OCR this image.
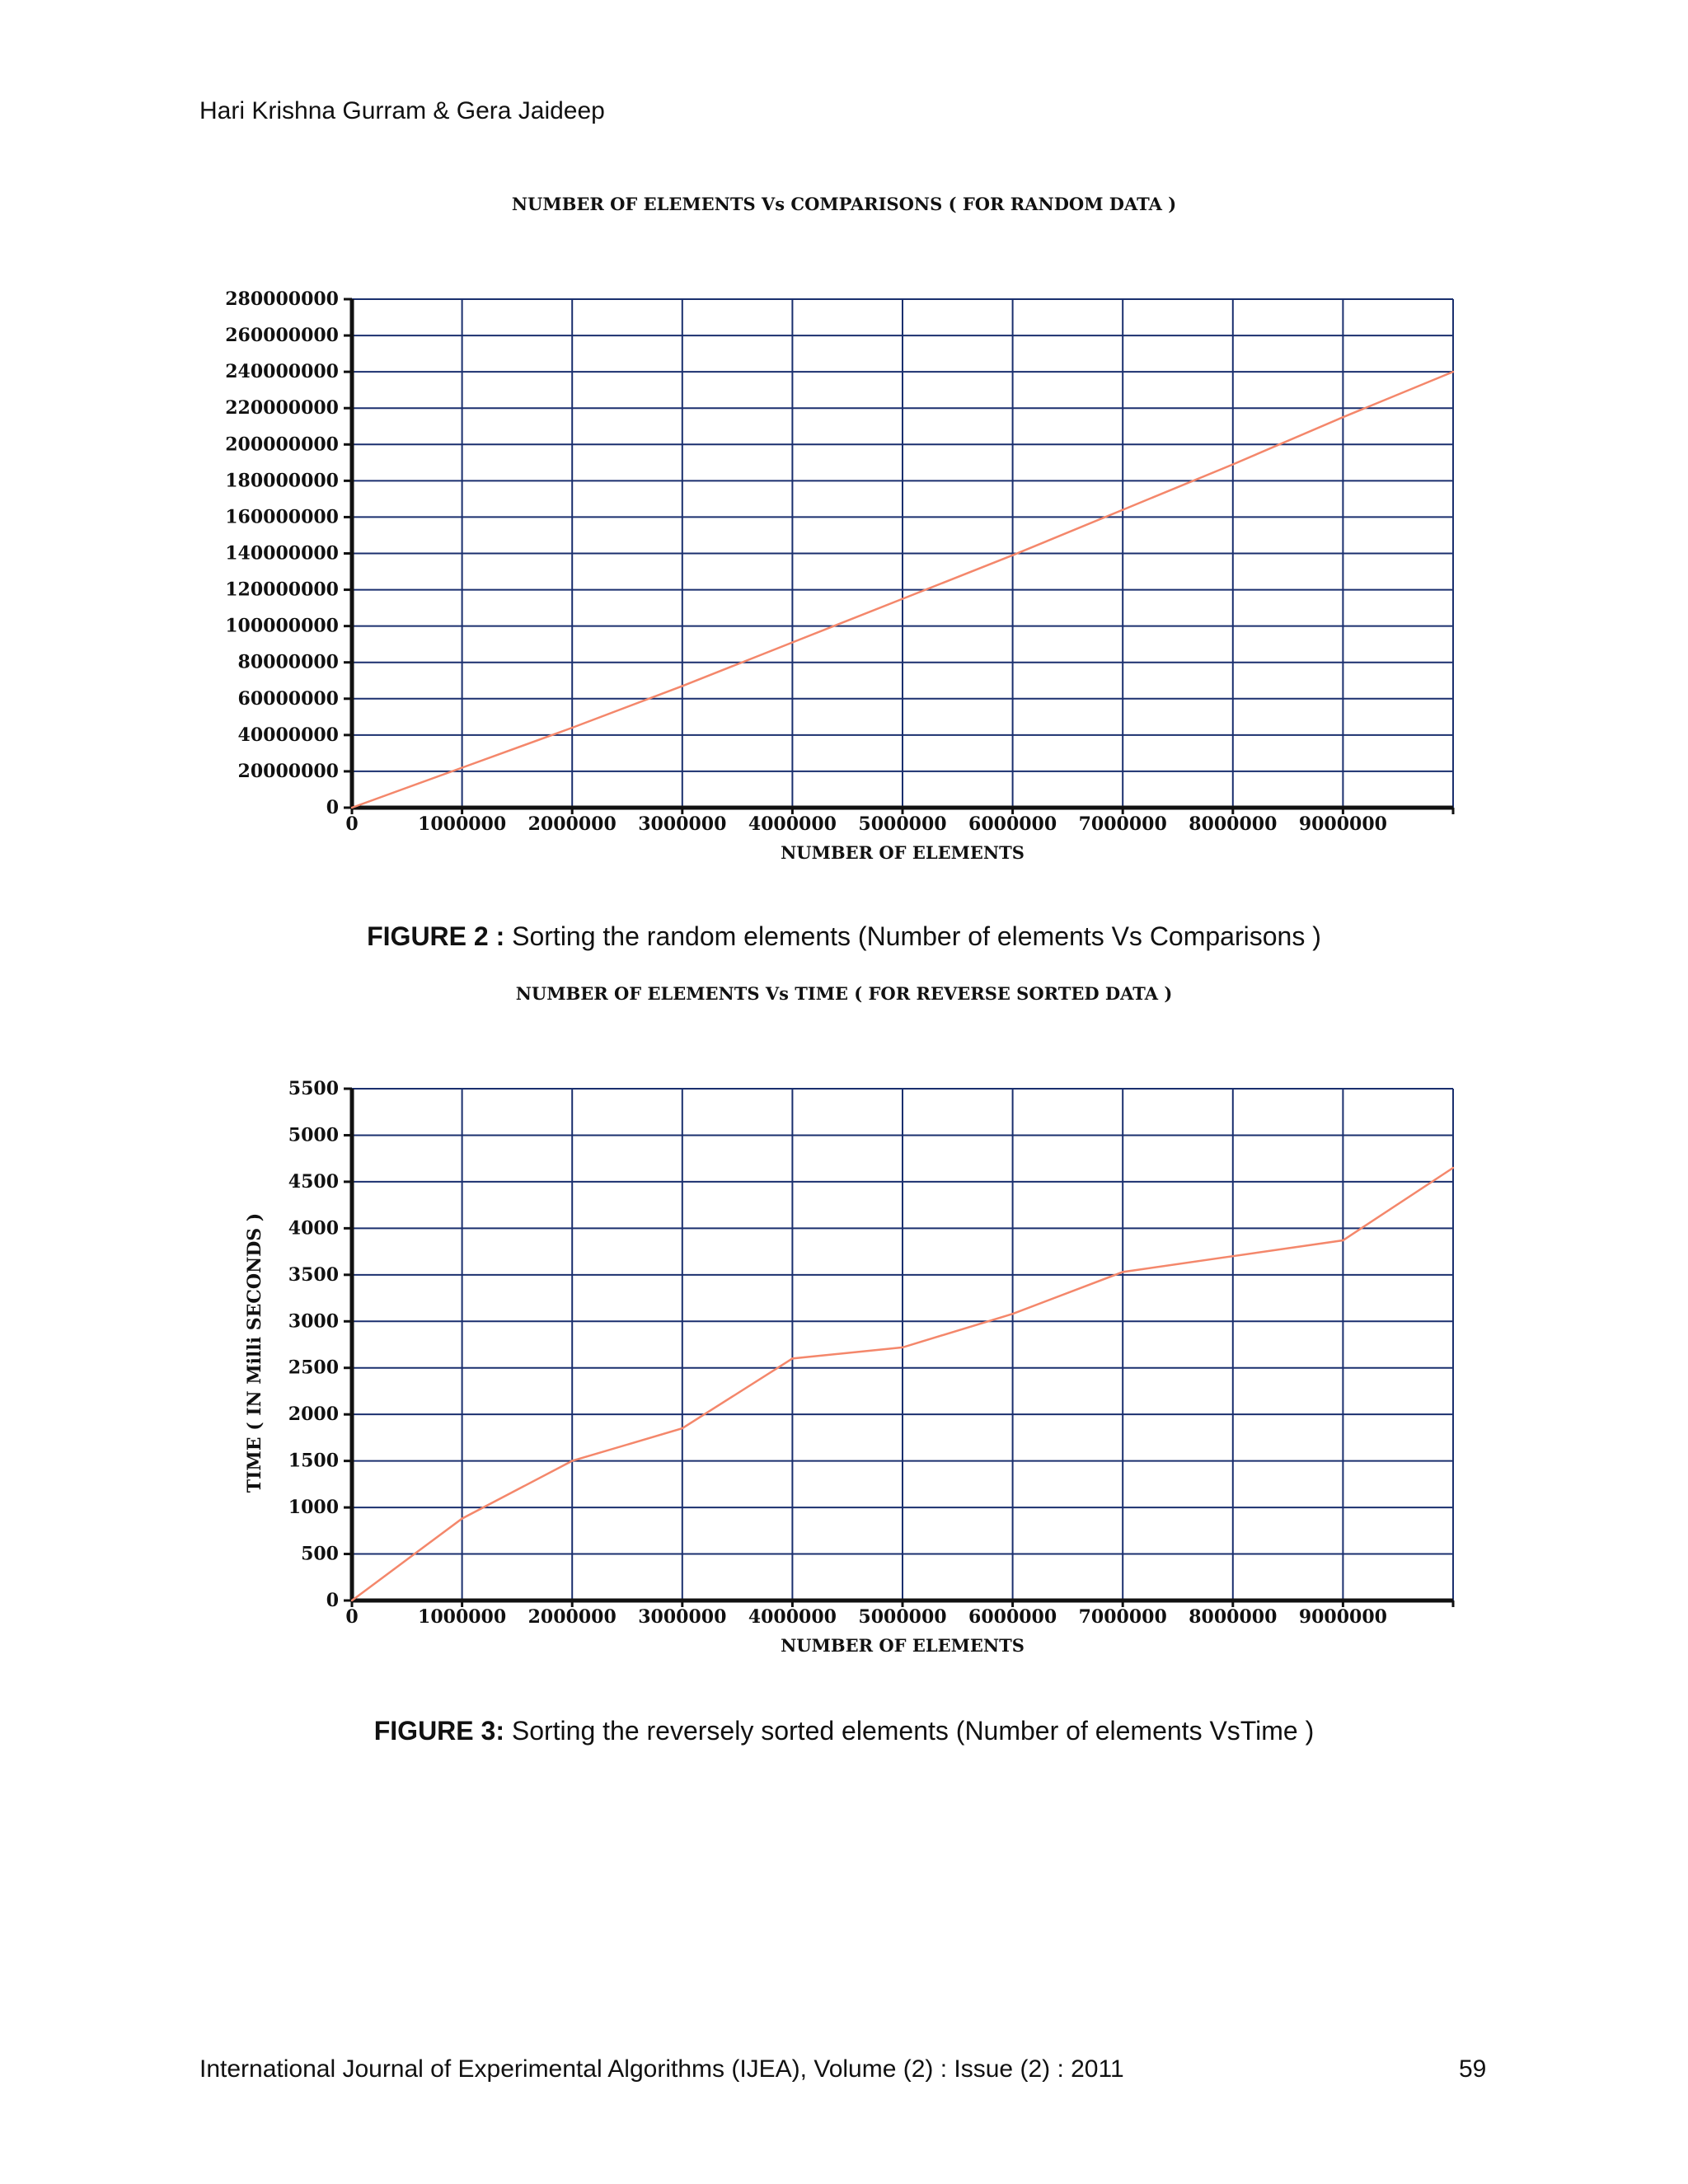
Hari Krishna Gurram & Gera Jaideep
NUMBER OF ELEMENTS Vs COMPARISONS ( FOR RANDOM DATA )
0
20000000
40000000
60000000
80000000
100000000
120000000
140000000
160000000
180000000
200000000
220000000
240000000
260000000
280000000
0	1000000 2000000 3000000 4000000 5000000 6000000 7000000 8000000 9000000
NUMBER OF ELEMENTS
FIGURE 2 : Sorting the random elements (Number of elements Vs Comparisons )
NUMBER OF ELEMENTS Vs TIME ( FOR REVERSE SORTED DATA )
0
500
1000
1500
2000
2500
3000
3500
4000
4500
5000
5500
0	1000000 2000000 3000000 4000000 5000000 6000000 7000000 8000000 9000000
NUMBER OF ELEMENTS
TIME ( IN Milli SECONDS )
FIGURE 3: Sorting the reversely sorted elements (Number of elements VsTime )
International Journal of Experimental Algorithms (IJEA), Volume (2) : Issue (2) : 2011	59
